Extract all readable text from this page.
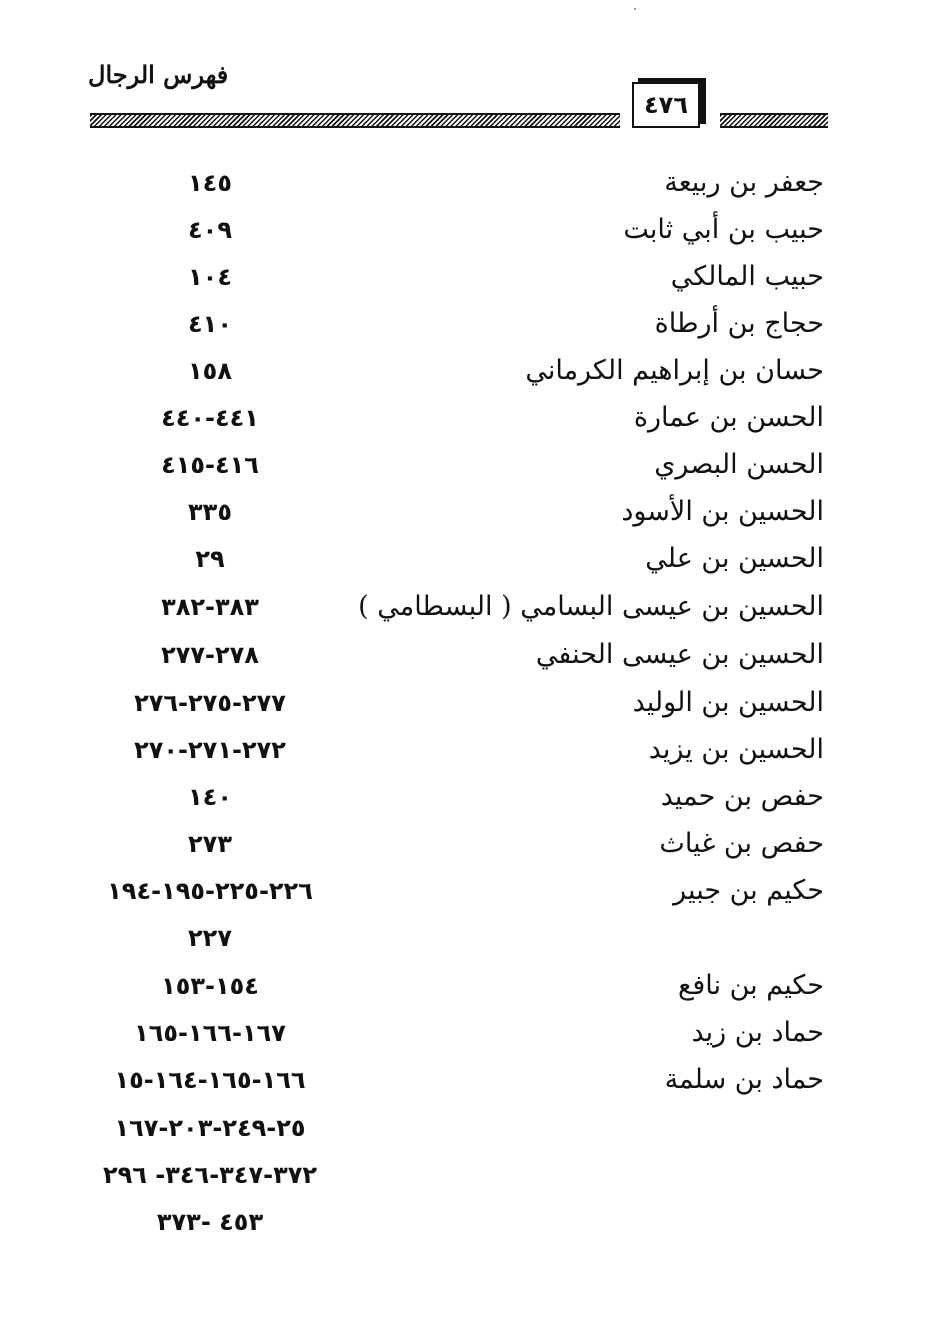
فهرس الرجال
٤٧٦
جعفر بن ربيعة
١٤٥
حبيب بن أبي ثابت
٤٠٩
حبيب المالكي
١٠٤
حجاج بن أرطاة
٤١٠
حسان بن إبراهيم الكرماني
١٥٨
الحسن بن عمارة
٤٤١-٤٤٠
الحسن البصري
٤١٦-٤١٥
الحسين بن الأسود
٣٣٥
الحسين بن علي
٢٩
الحسين بن عيسى البسامي ( البسطامي )
٣٨٣-٣٨٢
الحسين بن عيسى الحنفي
٢٧٨-٢٧٧
الحسين بن الوليد
٢٧٧-٢٧٥-٢٧٦
الحسين بن يزيد
٢٧٢-٢٧١-٢٧٠
حفص بن حميد
١٤٠
حفص بن غياث
٢٧٣
حكيم بن جبير
٢٢٦-٢٢٥-١٩٥-١٩٤
٢٢٧
حكيم بن نافع
١٥٤-١٥٣
حماد بن زيد
١٦٧-١٦٦-١٦٥
حماد بن سلمة
١٦٦-١٦٥-١٦٤-١٥
٢٥-٢٤٩-٢٠٣-١٦٧
٣٧٢-٣٤٧-٣٤٦- ٢٩٦
٤٥٣ -٣٧٣
